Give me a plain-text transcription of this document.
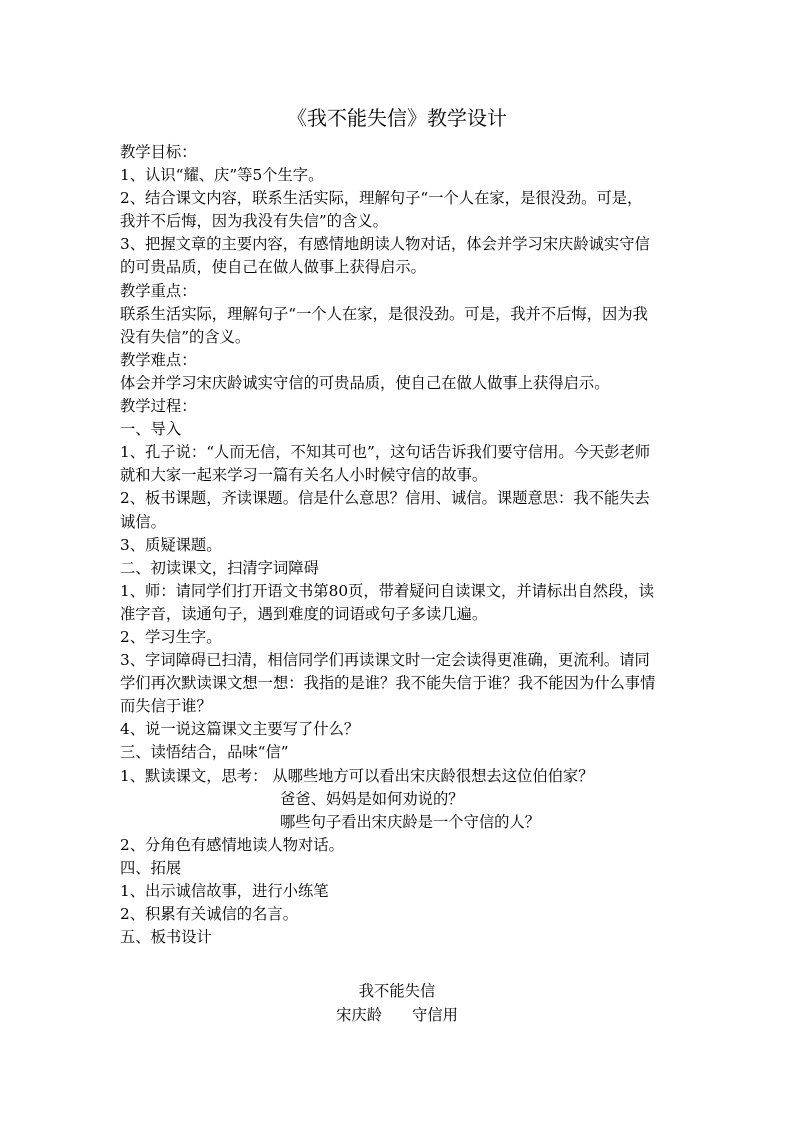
《我不能失信》教学设计
教学目标：
1、认识“耀、庆”等5个生字。
2、结合课文内容，联系生活实际，理解句子“一个人在家，是很没劲。可是，
我并不后悔，因为我没有失信”的含义。
3、把握文章的主要内容，有感情地朗读人物对话，体会并学习宋庆龄诚实守信
的可贵品质，使自己在做人做事上获得启示。
教学重点：
联系生活实际，理解句子“一个人在家，是很没劲。可是，我并不后悔，因为我
没有失信”的含义。
教学难点：
体会并学习宋庆龄诚实守信的可贵品质，使自己在做人做事上获得启示。
教学过程：
一、导入
1、孔子说：“人而无信，不知其可也”，这句话告诉我们要守信用。今天彭老师
就和大家一起来学习一篇有关名人小时候守信的故事。
2、板书课题，齐读课题。信是什么意思？信用、诚信。课题意思：我不能失去
诚信。
3、质疑课题。
二、初读课文，扫清字词障碍
1、师：请同学们打开语文书第80页，带着疑问自读课文，并请标出自然段，读
准字音，读通句子，遇到难度的词语或句子多读几遍。
2、学习生字。
3、字词障碍已扫清，相信同学们再读课文时一定会读得更准确，更流利。请同
学们再次默读课文想一想：我指的是谁？我不能失信于谁？我不能因为什么事情
而失信于谁？
4、说一说这篇课文主要写了什么？
三、读悟结合，品味“信”
1、默读课文，思考： 从哪些地方可以看出宋庆龄很想去这位伯伯家？
爸爸、妈妈是如何劝说的？
哪些句子看出宋庆龄是一个守信的人？
2、分角色有感情地读人物对话。
四、拓展
1、出示诚信故事，进行小练笔
2、积累有关诚信的名言。
五、板书设计
我不能失信
宋庆龄 守信用
